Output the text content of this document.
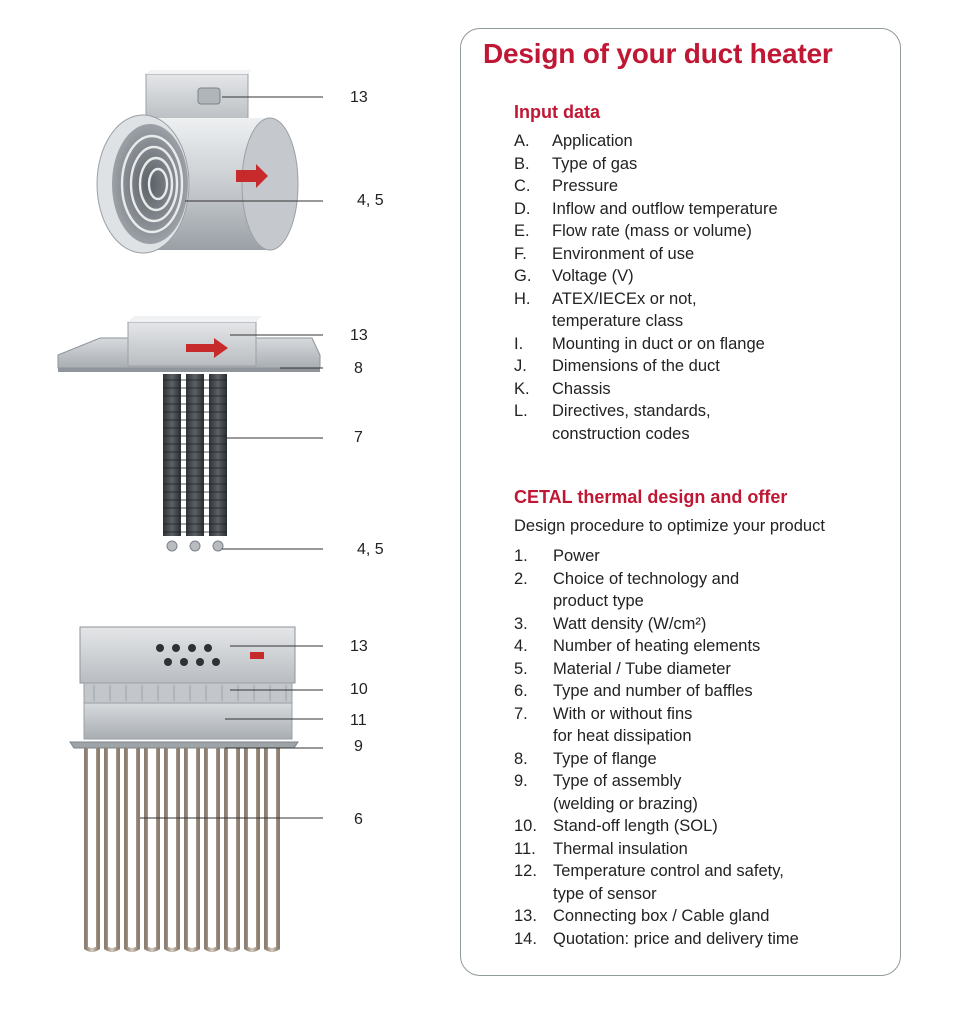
13
4, 5
13
8
7
4, 5
13
10
11
9
6
Design of your duct heater
Input data
A.	Application
B.	Type of gas
C.	Pressure
D.	Inflow and outflow temperature
E.	Flow rate (mass or volume)
F.	Environment of use
G.	Voltage (V)
H.	ATEX/IECEx or not,
temperature class
I.	Mounting in duct or on flange
J.	Dimensions of the duct
K.	Chassis
L.	Directives, standards,
construction codes
CETAL thermal design and offer
Design procedure to optimize your product
1.	Power
2.	Choice of technology and
product type
3.	Watt density (W/cm²)
4.	Number of heating elements
5.	Material / Tube diameter
6.	Type and number of baffles
7.	With or without fins
for heat dissipation
8.	Type of flange
9.	Type of assembly
(welding or brazing)
10. Stand-off length (SOL)
11.	Thermal insulation
12. Temperature control and safety,
type of sensor
13. Connecting box / Cable gland
14. Quotation: price and delivery time
